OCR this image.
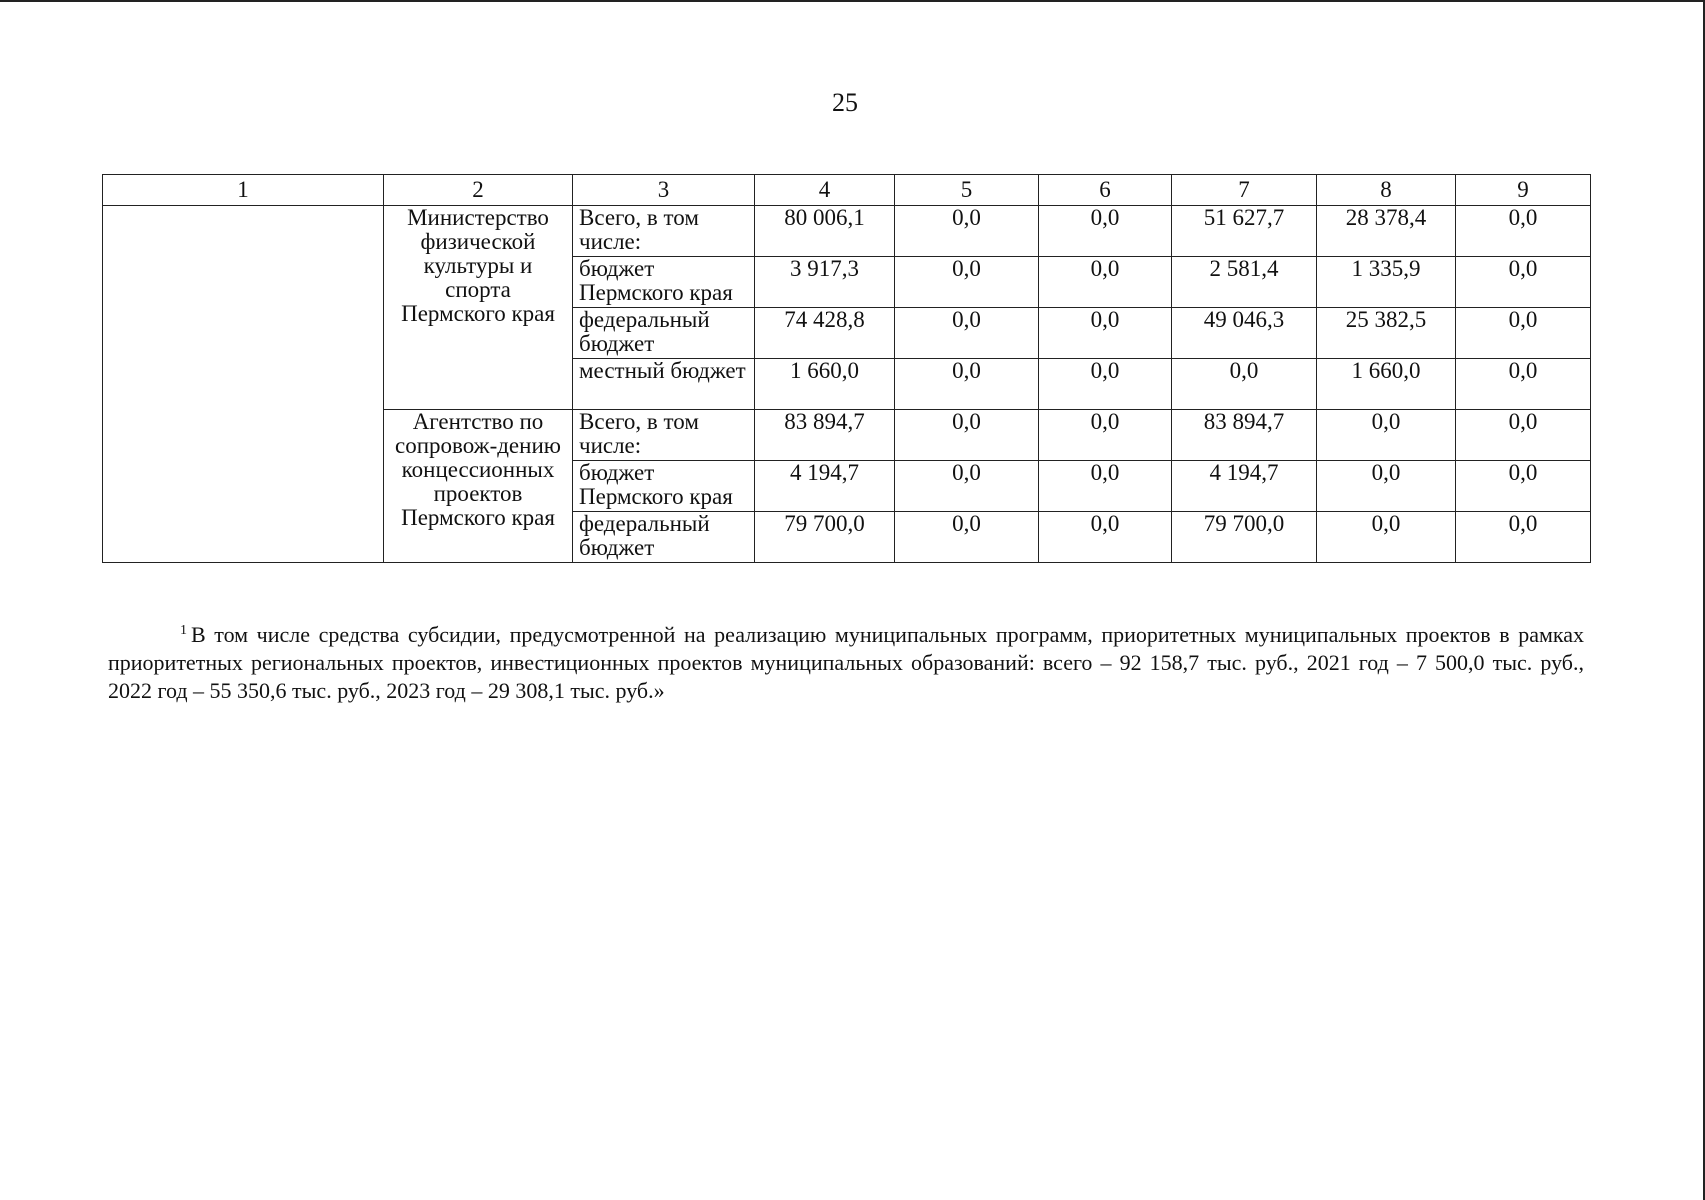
25
1	2	3	4	5	6	7	8	9
	Министерство физической культуры и спорта Пермского края	Всего, в том числе:	80 006,1	0,0	0,0	51 627,7	28 378,4	0,0
		бюджет Пермского края	3 917,3	0,0	0,0	2 581,4	1 335,9	0,0
		федеральный бюджет	74 428,8	0,0	0,0	49 046,3	25 382,5	0,0
		местный бюджет	1 660,0	0,0	0,0	0,0	1 660,0	0,0
	Агентство по сопровож-дению концессионных проектов Пермского края	Всего, в том числе:	83 894,7	0,0	0,0	83 894,7	0,0	0,0
		бюджет Пермского края	4 194,7	0,0	0,0	4 194,7	0,0	0,0
		федеральный бюджет	79 700,0	0,0	0,0	79 700,0	0,0	0,0
$^1$ В том числе средства субсидии, предусмотренной на реализацию муниципальных программ, приоритетных муниципальных проектов в рамках приоритетных региональных проектов, инвестиционных проектов муниципальных образований: всего – 92 158,7 тыс. руб., 2021 год – 7 500,0 тыс. руб., 2022 год – 55 350,6 тыс. руб., 2023 год – 29 308,1 тыс. руб.»
